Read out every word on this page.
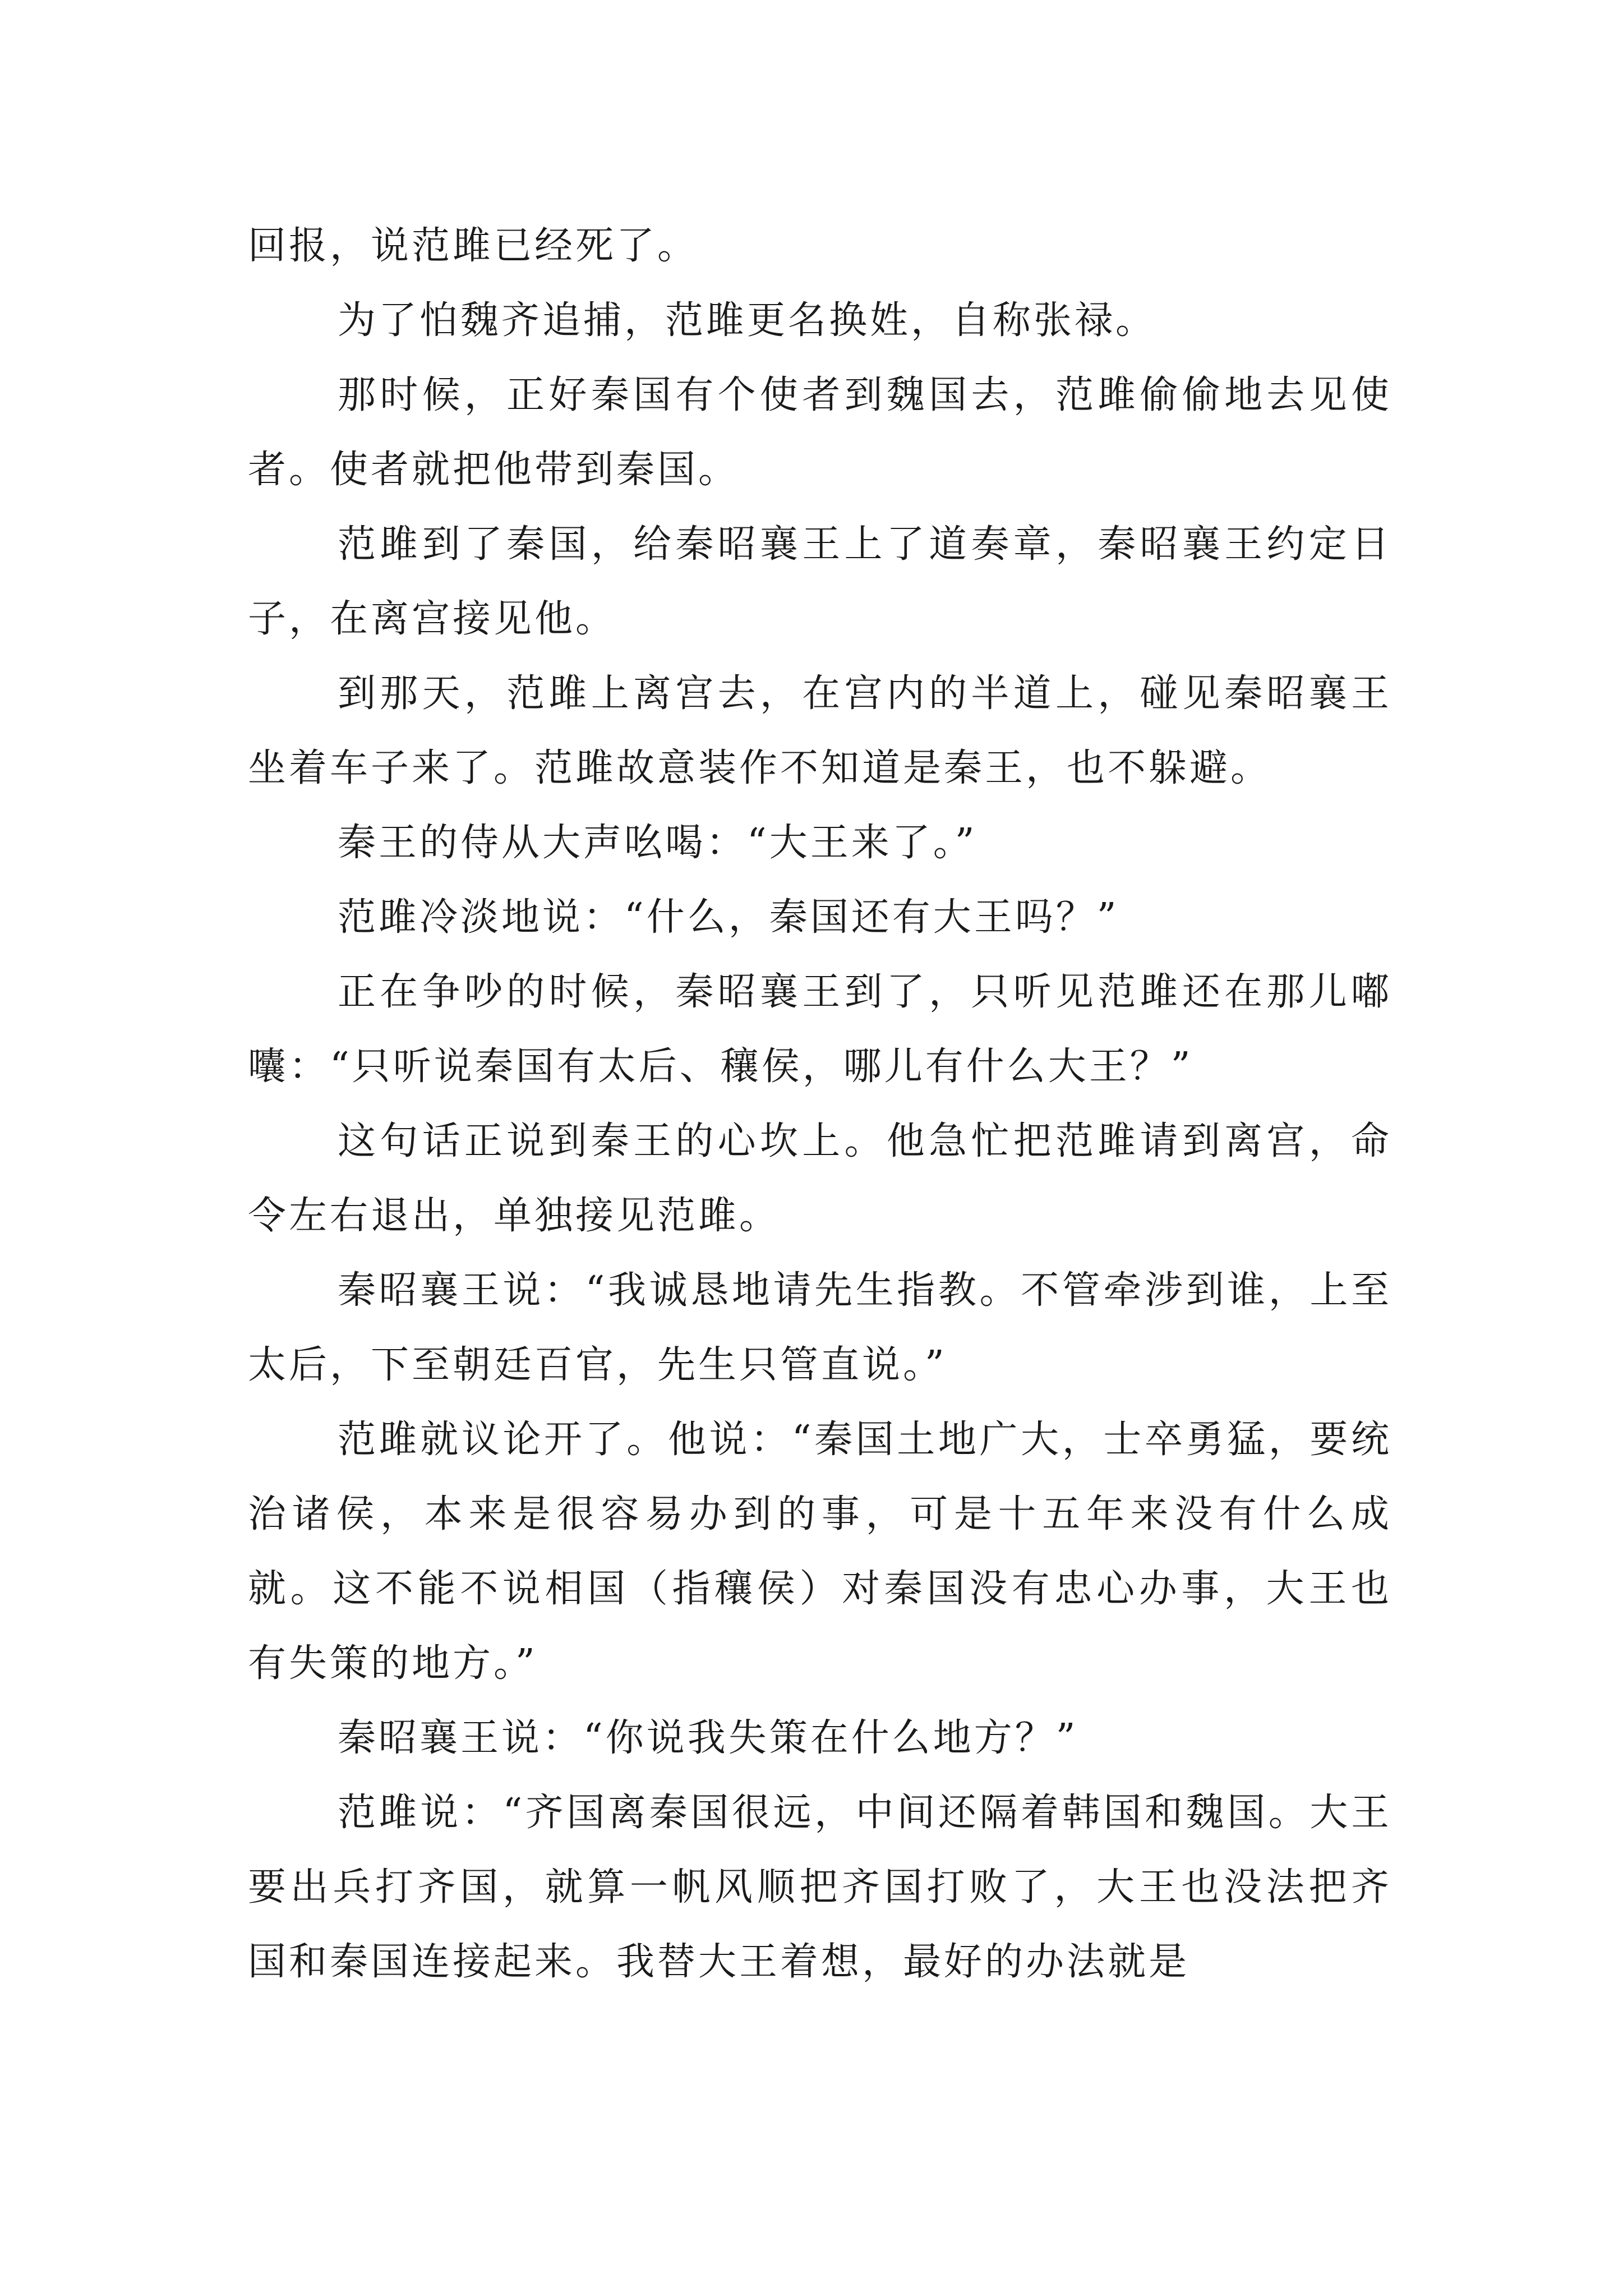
回报，说范雎已经死了。

为了怕魏齐追捕，范雎更名换姓，自称张禄。

那时候，正好秦国有个使者到魏国去，范雎偷偷地去见使者。使者就把他带到秦国。

范雎到了秦国，给秦昭襄王上了道奏章，秦昭襄王约定日子，在离宫接见他。

到那天，范雎上离宫去，在宫内的半道上，碰见秦昭襄王坐着车子来了。范雎故意装作不知道是秦王，也不躲避。

秦王的侍从大声吆喝：“大王来了。”

范雎冷淡地说：“什么，秦国还有大王吗？”

正在争吵的时候，秦昭襄王到了，只听见范雎还在那儿嘟囔：“只听说秦国有太后、穰侯，哪儿有什么大王？”

这句话正说到秦王的心坎上。他急忙把范雎请到离宫，命令左右退出，单独接见范雎。

秦昭襄王说：“我诚恳地请先生指教。不管牵涉到谁，上至太后，下至朝廷百官，先生只管直说。”

范雎就议论开了。他说：“秦国土地广大，士卒勇猛，要统治诸侯，本来是很容易办到的事，可是十五年来没有什么成就。这不能不说相国（指穰侯）对秦国没有忠心办事，大王也有失策的地方。”

秦昭襄王说：“你说我失策在什么地方？”

范雎说：“齐国离秦国很远，中间还隔着韩国和魏国。大王要出兵打齐国，就算一帆风顺把齐国打败了，大王也没法把齐国和秦国连接起来。我替大王着想，最好的办法就是
